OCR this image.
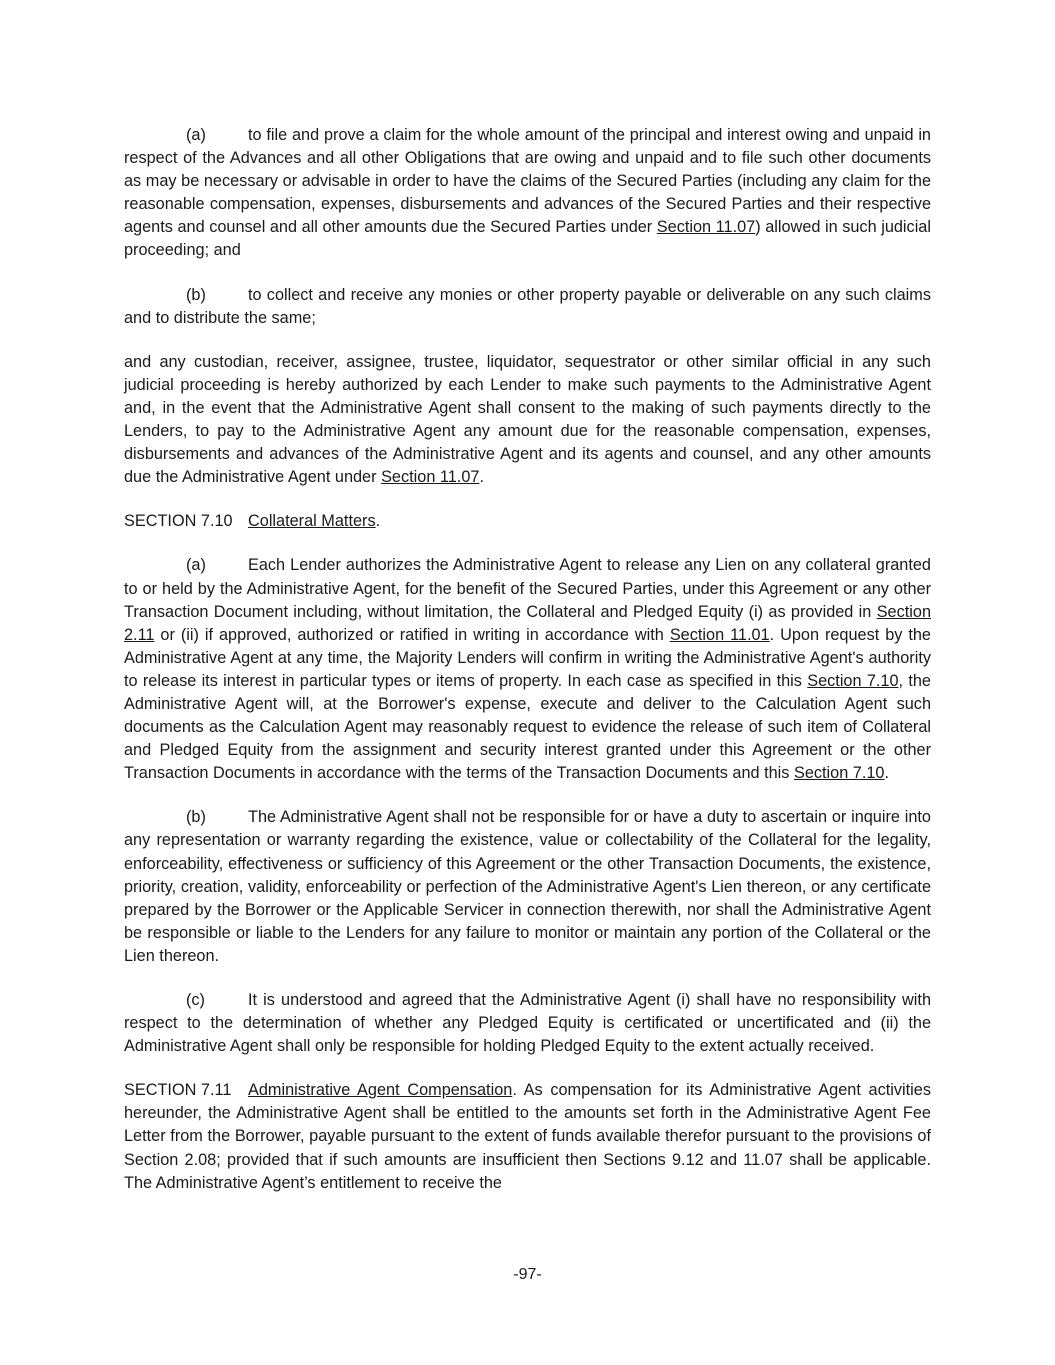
(a)	to file and prove a claim for the whole amount of the principal and interest owing and unpaid in respect of the Advances and all other Obligations that are owing and unpaid and to file such other documents as may be necessary or advisable in order to have the claims of the Secured Parties (including any claim for the reasonable compensation, expenses, disbursements and advances of the Secured Parties and their respective agents and counsel and all other amounts due the Secured Parties under Section 11.07) allowed in such judicial proceeding; and

(b)	to collect and receive any monies or other property payable or deliverable on any such claims and to distribute the same;

and any custodian, receiver, assignee, trustee, liquidator, sequestrator or other similar official in any such judicial proceeding is hereby authorized by each Lender to make such payments to the Administrative Agent and, in the event that the Administrative Agent shall consent to the making of such payments directly to the Lenders, to pay to the Administrative Agent any amount due for the reasonable compensation, expenses, disbursements and advances of the Administrative Agent and its agents and counsel, and any other amounts due the Administrative Agent under Section 11.07.

SECTION 7.10 Collateral Matters.

(a)	Each Lender authorizes the Administrative Agent to release any Lien on any collateral granted to or held by the Administrative Agent, for the benefit of the Secured Parties, under this Agreement or any other Transaction Document including, without limitation, the Collateral and Pledged Equity (i) as provided in Section 2.11 or (ii) if approved, authorized or ratified in writing in accordance with Section 11.01. Upon request by the Administrative Agent at any time, the Majority Lenders will confirm in writing the Administrative Agent's authority to release its interest in particular types or items of property. In each case as specified in this Section 7.10, the Administrative Agent will, at the Borrower's expense, execute and deliver to the Calculation Agent such documents as the Calculation Agent may reasonably request to evidence the release of such item of Collateral and Pledged Equity from the assignment and security interest granted under this Agreement or the other Transaction Documents in accordance with the terms of the Transaction Documents and this Section 7.10.

(b)	The Administrative Agent shall not be responsible for or have a duty to ascertain or inquire into any representation or warranty regarding the existence, value or collectability of the Collateral for the legality, enforceability, effectiveness or sufficiency of this Agreement or the other Transaction Documents, the existence, priority, creation, validity, enforceability or perfection of the Administrative Agent's Lien thereon, or any certificate prepared by the Borrower or the Applicable Servicer in connection therewith, nor shall the Administrative Agent be responsible or liable to the Lenders for any failure to monitor or maintain any portion of the Collateral or the Lien thereon.

(c)	It is understood and agreed that the Administrative Agent (i) shall have no responsibility with respect to the determination of whether any Pledged Equity is certificated or uncertificated and (ii) the Administrative Agent shall only be responsible for holding Pledged Equity to the extent actually received.

SECTION 7.11 Administrative Agent Compensation. As compensation for its Administrative Agent activities hereunder, the Administrative Agent shall be entitled to the amounts set forth in the Administrative Agent Fee Letter from the Borrower, payable pursuant to the extent of funds available therefor pursuant to the provisions of Section 2.08; provided that if such amounts are insufficient then Sections 9.12 and 11.07 shall be applicable. The Administrative Agent’s entitlement to receive the

-97-
